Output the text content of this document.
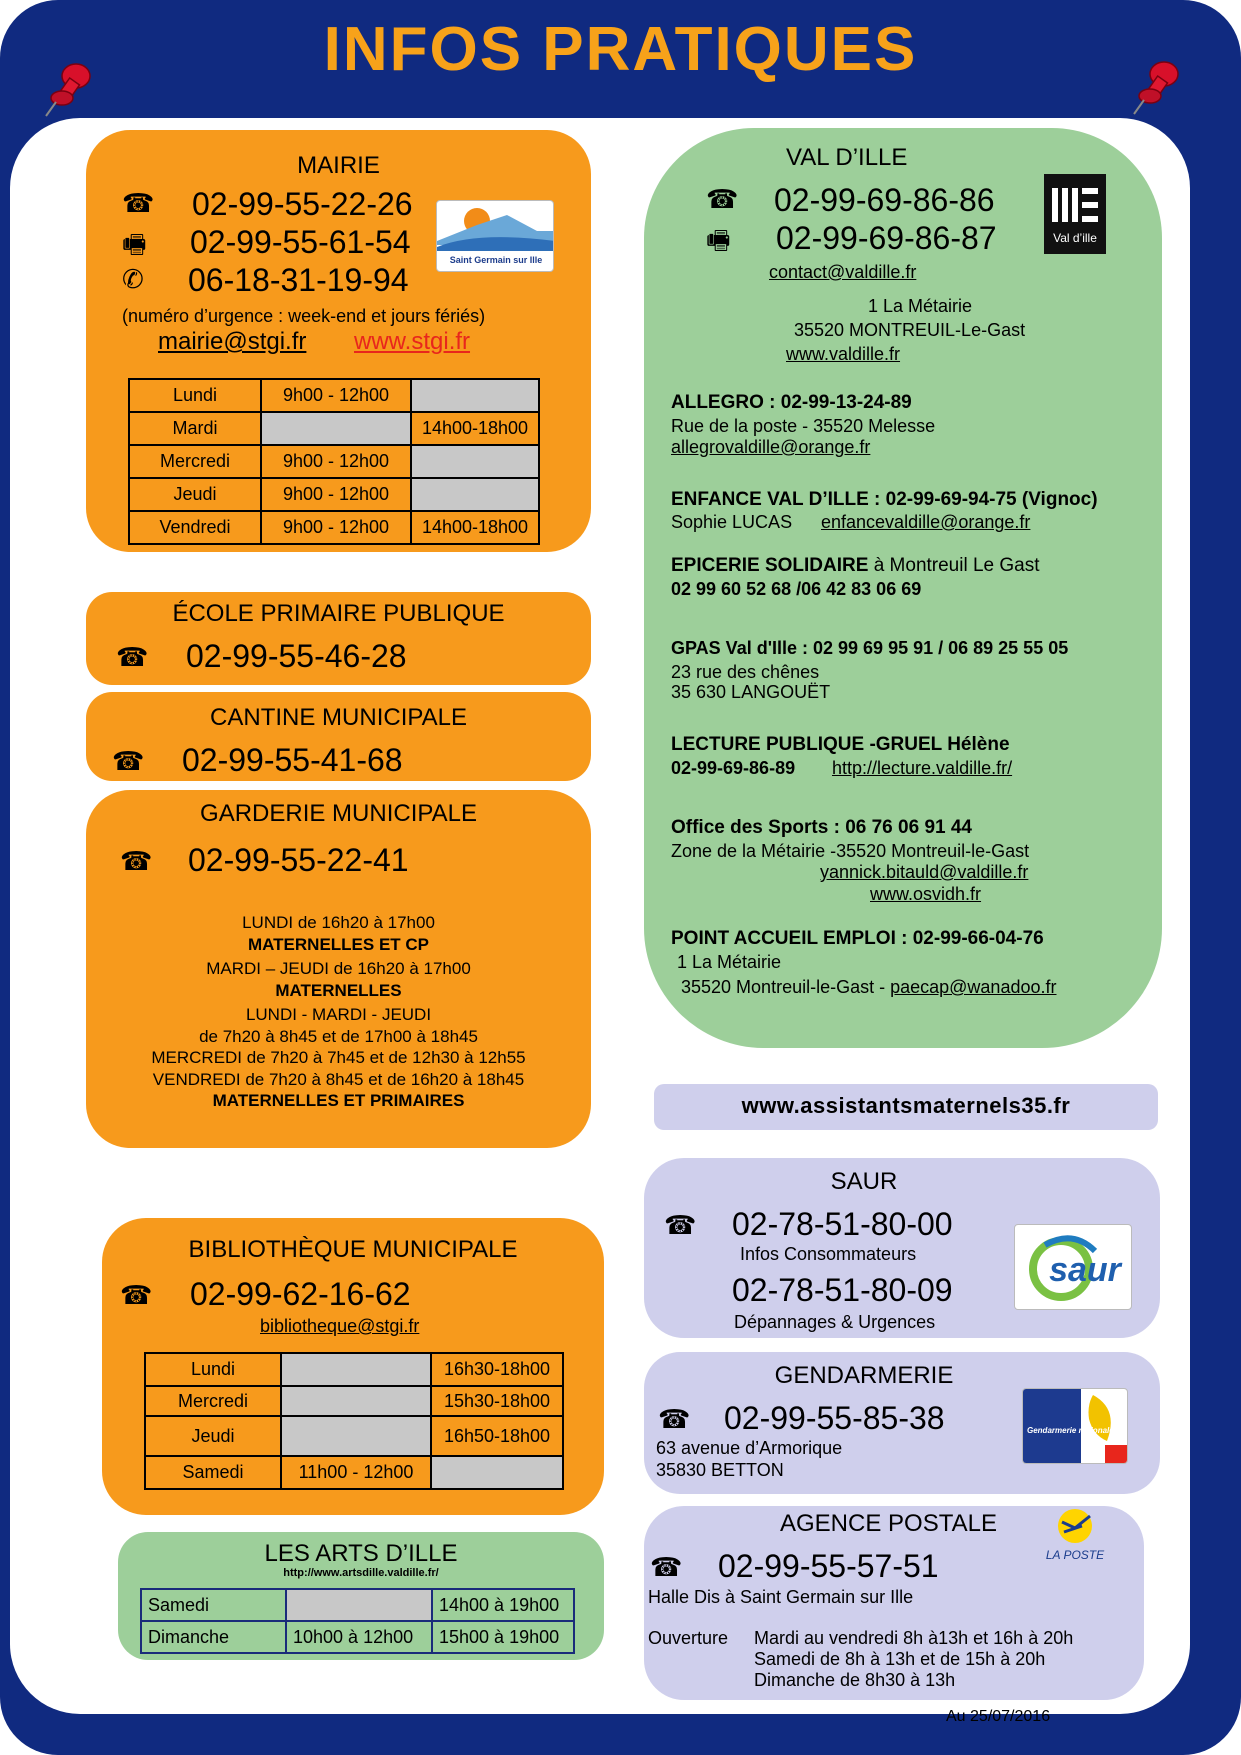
INFOS PRATIQUES
MAIRIE
☎ 02-99-55-22-26
🖷 02-99-55-61-54
✆ 06-18-31-19-94
(numéro d’urgence : week-end et jours fériés)
mairie@stgi.fr www.stgi.fr
Saint Germain sur Ille
Lundi	9h00 - 12h00	
Mardi		14h00-18h00
Mercredi	9h00 - 12h00	
Jeudi	9h00 - 12h00	
Vendredi	9h00 - 12h00	14h00-18h00
ÉCOLE PRIMAIRE PUBLIQUE
☎ 02-99-55-46-28
CANTINE MUNICIPALE
☎ 02-99-55-41-68
GARDERIE MUNICIPALE
☎ 02-99-55-22-41
LUNDI de 16h20 à 17h00
MATERNELLES ET CP
MARDI – JEUDI de 16h20 à 17h00
MATERNELLES
LUNDI - MARDI - JEUDI
de 7h20 à 8h45 et de 17h00 à 18h45
MERCREDI de 7h20 à 7h45 et de 12h30 à 12h55
VENDREDI de 7h20 à 8h45 et de 16h20 à 18h45
MATERNELLES ET PRIMAIRES
BIBLIOTHÈQUE MUNICIPALE
☎ 02-99-62-16-62
bibliotheque@stgi.fr
Lundi		16h30-18h00
Mercredi		15h30-18h00
Jeudi		16h50-18h00
Samedi	11h00 - 12h00	
LES ARTS D’ILLE
http://www.artsdille.valdille.fr/
Samedi		14h00 à 19h00
Dimanche	10h00 à 12h00	15h00 à 19h00
VAL D’ILLE
☎ 02-99-69-86-86
🖷 02-99-69-86-87
contact@valdille.fr
1 La Métairie
35520 MONTREUIL-Le-Gast
www.valdille.fr
Val d’ille
ALLEGRO : 02-99-13-24-89
Rue de la poste - 35520 Melesse
allegrovaldille@orange.fr
ENFANCE VAL D’ILLE : 02-99-69-94-75 (Vignoc)
Sophie LUCAS enfancevaldille@orange.fr
EPICERIE SOLIDAIRE à Montreuil Le Gast
02 99 60 52 68 /06 42 83 06 69
GPAS Val d'Ille : 02 99 69 95 91 / 06 89 25 55 05
23 rue des chênes
35 630 LANGOUËT
LECTURE PUBLIQUE -GRUEL Hélène
02-99-69-86-89 http://lecture.valdille.fr/
Office des Sports : 06 76 06 91 44
Zone de la Métairie -35520 Montreuil-le-Gast
yannick.bitauld@valdille.fr
www.osvidh.fr
POINT ACCUEIL EMPLOI : 02-99-66-04-76
1 La Métairie
35520 Montreuil-le-Gast - paecap@wanadoo.fr
www.assistantsmaternels35.fr
SAUR
☎ 02-78-51-80-00
Infos Consommateurs
02-78-51-80-09
Dépannages & Urgences
saur
GENDARMERIE
☎ 02-99-55-85-38
63 avenue d’Armorique
35830 BETTON
Gendarmerie nationale
AGENCE POSTALE
☎ 02-99-55-57-51
Halle Dis à Saint Germain sur Ille
Ouverture Mardi au vendredi 8h à13h et 16h à 20h
Samedi de 8h à 13h et de 15h à 20h
Dimanche de 8h30 à 13h
LA POSTE
Au 25/07/2016
